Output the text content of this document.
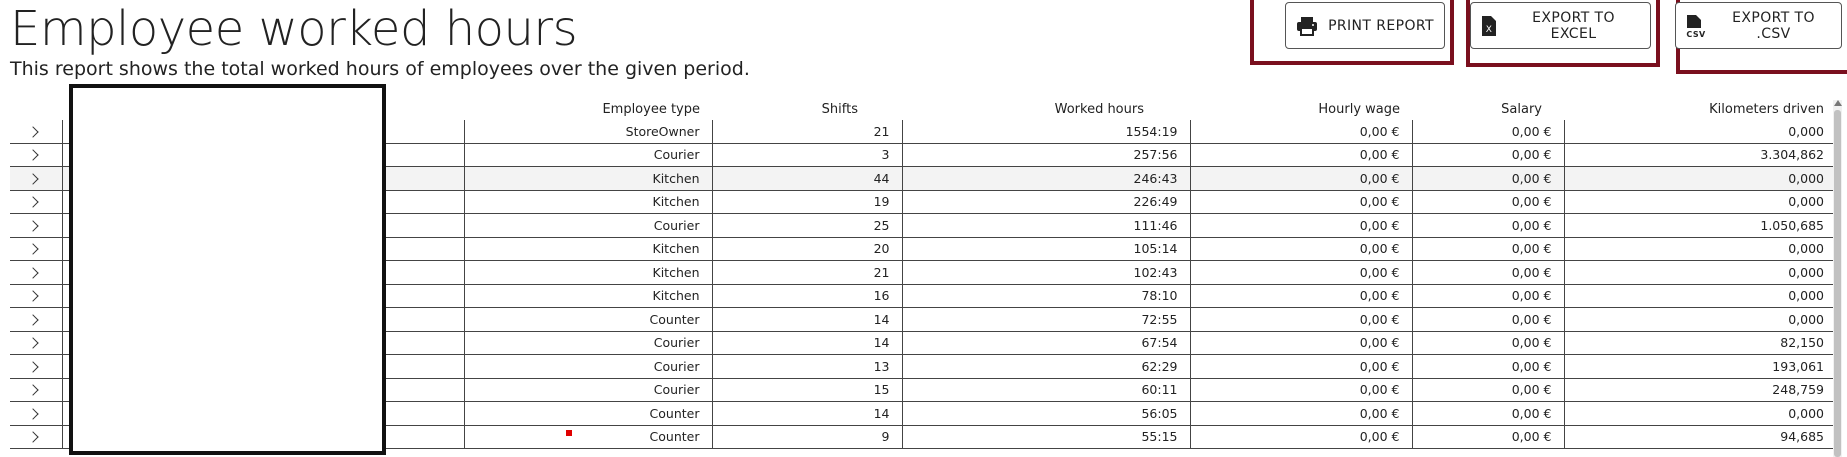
Employee worked hours

This report shows the total worked hours of employees over the given period.

PRINT REPORT	X
EXPORT TO EXCEL	CSV
EXPORT TO .CSV
		Employee type	Shifts	Worked hours	Hourly wage	Salary	Kilometers driven
		StoreOwner	21	1554:19	0,00 €	0,00 €	0,000
		Courier	3	257:56	0,00 €	0,00 €	3.304,862
		Kitchen	44	246:43	0,00 €	0,00 €	0,000
		Kitchen	19	226:49	0,00 €	0,00 €	0,000
		Courier	25	111:46	0,00 €	0,00 €	1.050,685
		Kitchen	20	105:14	0,00 €	0,00 €	0,000
		Kitchen	21	102:43	0,00 €	0,00 €	0,000
		Kitchen	16	78:10	0,00 €	0,00 €	0,000
		Counter	14	72:55	0,00 €	0,00 €	0,000
		Courier	14	67:54	0,00 €	0,00 €	82,150
		Courier	13	62:29	0,00 €	0,00 €	193,061
		Courier	15	60:11	0,00 €	0,00 €	248,759
		Counter	14	56:05	0,00 €	0,00 €	0,000
		Counter	9	55:15	0,00 €	0,00 €	94,685
